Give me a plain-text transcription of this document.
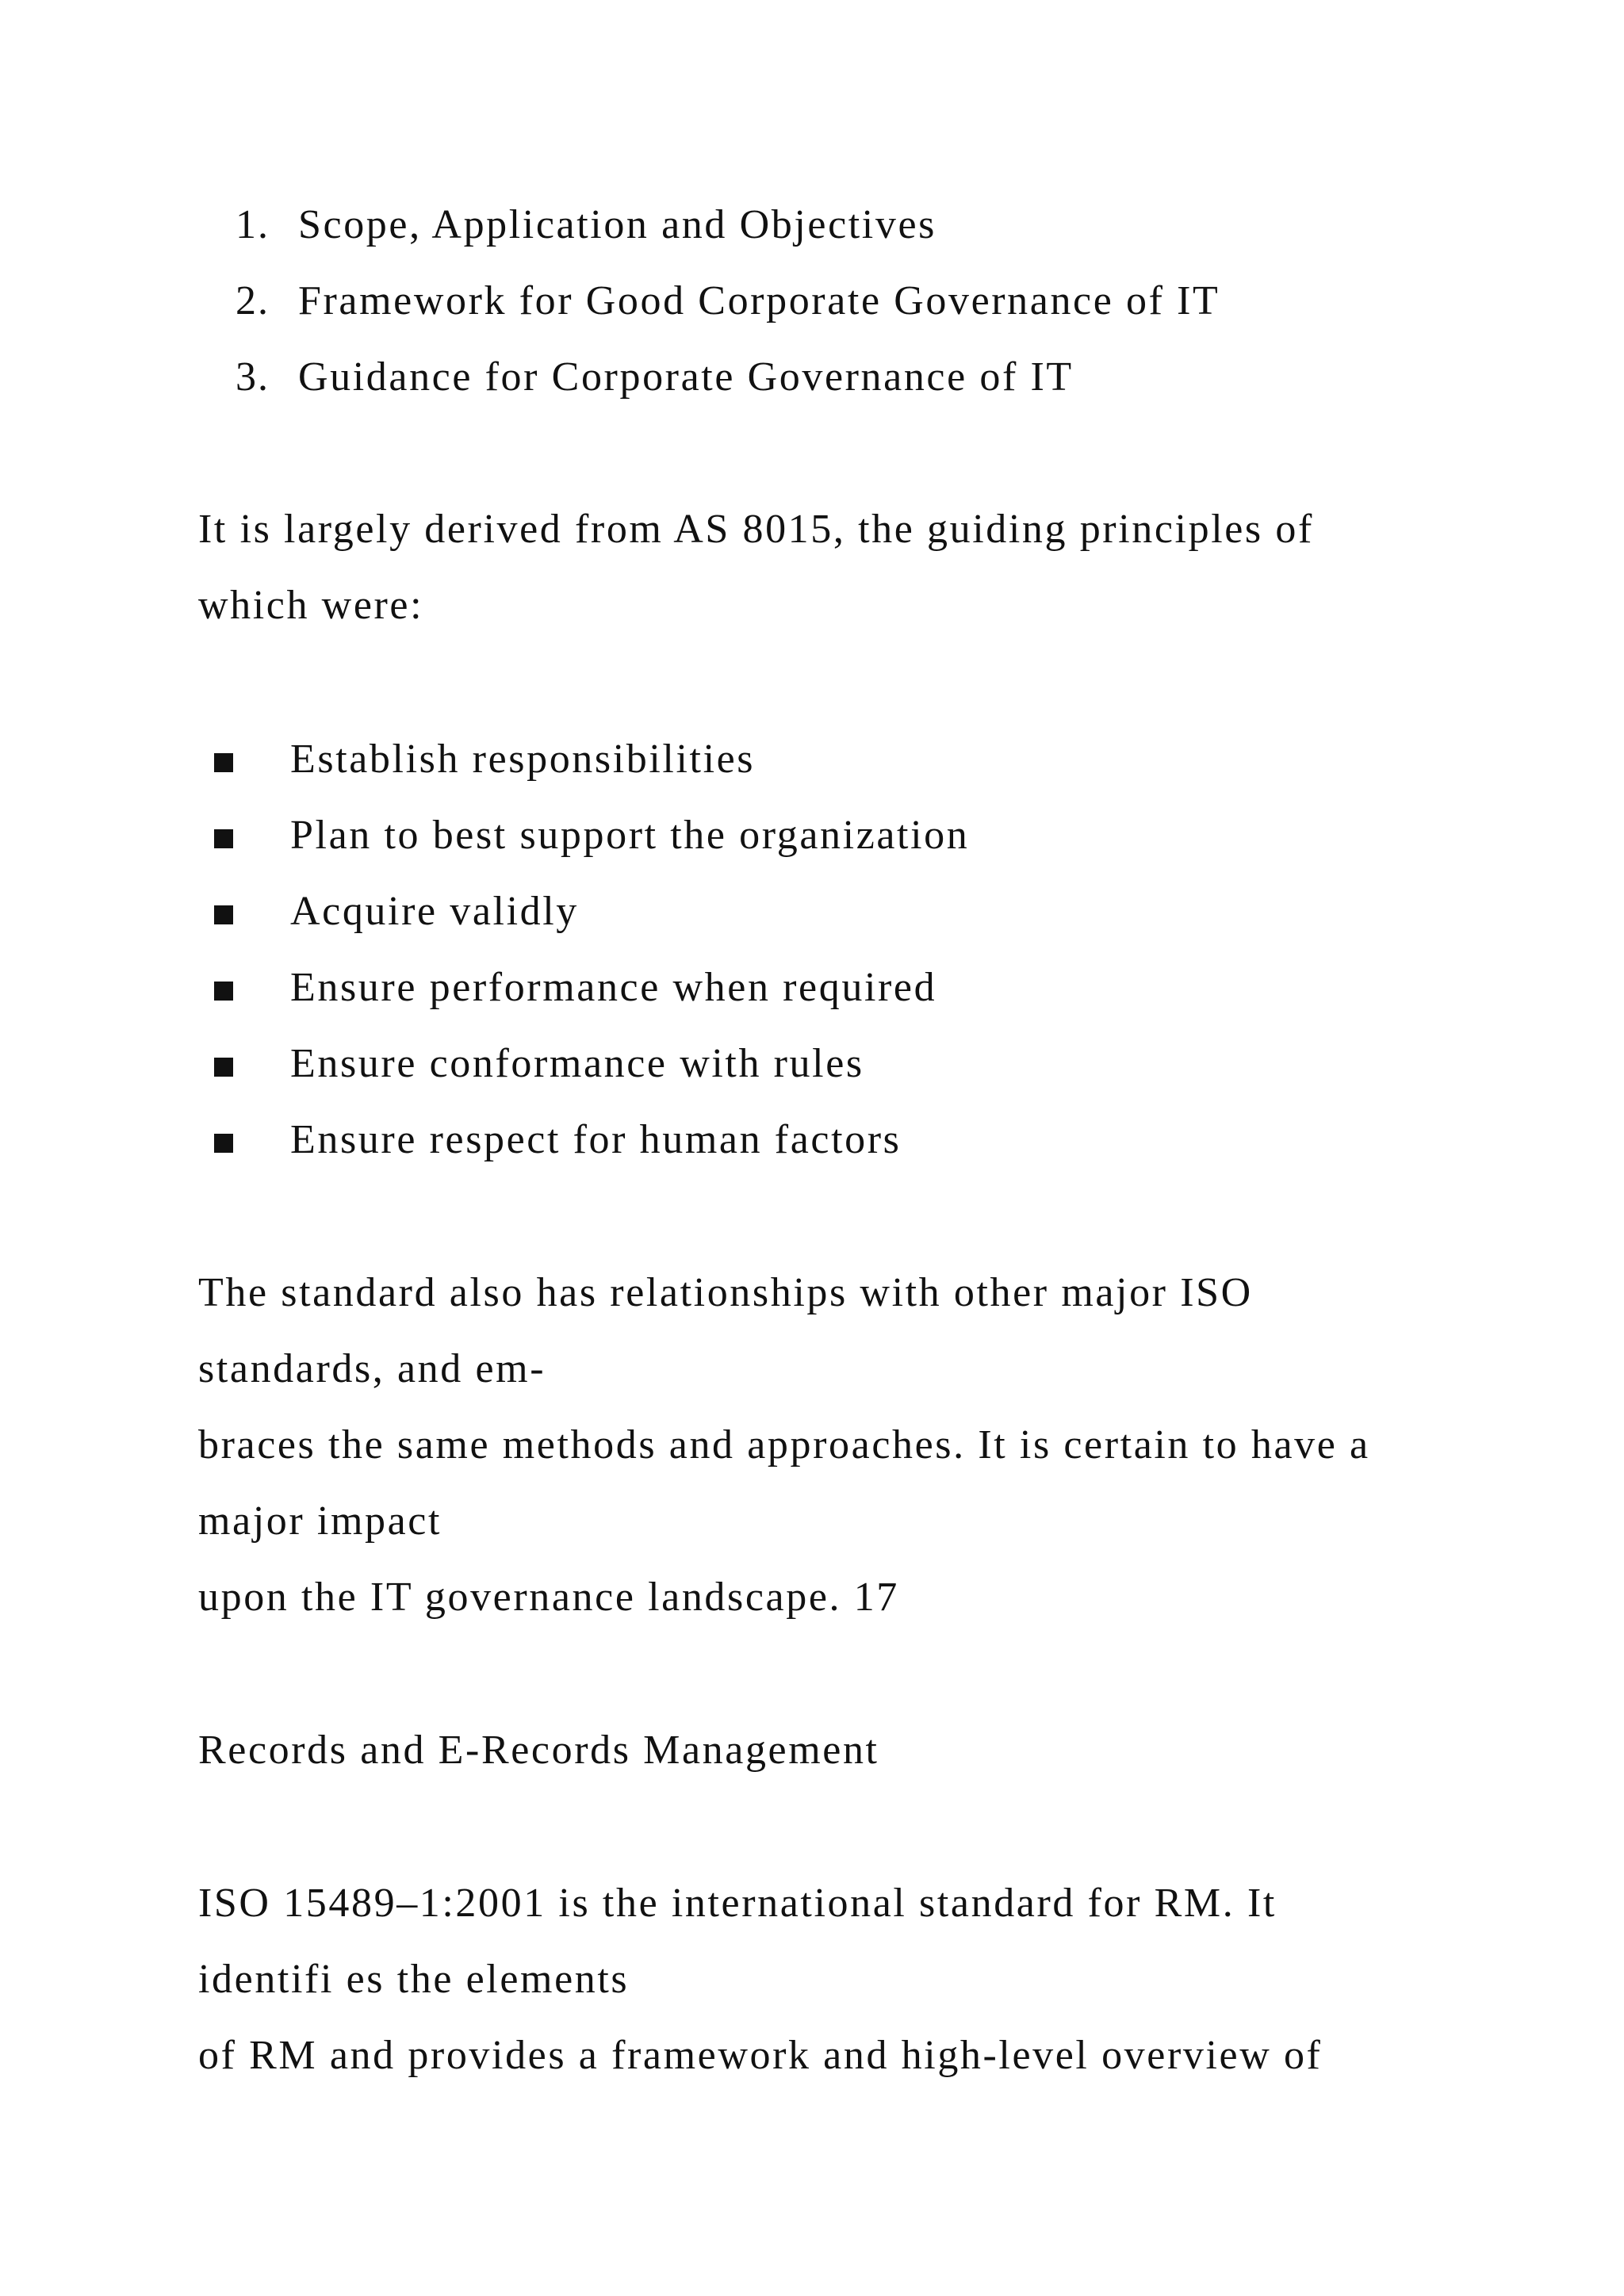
1. Scope, Application and Objectives
2. Framework for Good Corporate Governance of IT
3. Guidance for Corporate Governance of IT
It is largely derived from AS 8015, the guiding principles of
which were:
Establish responsibilities
Plan to best support the organization
Acquire validly
Ensure performance when required
Ensure conformance with rules
Ensure respect for human factors
The standard also has relationships with other major ISO
standards, and em-
braces the same methods and approaches. It is certain to have a
major impact
upon the IT governance landscape. 17
Records and E-Records Management
ISO 15489–1:2001 is the international standard for RM. It
identifi es the elements
of RM and provides a framework and high-level overview of
